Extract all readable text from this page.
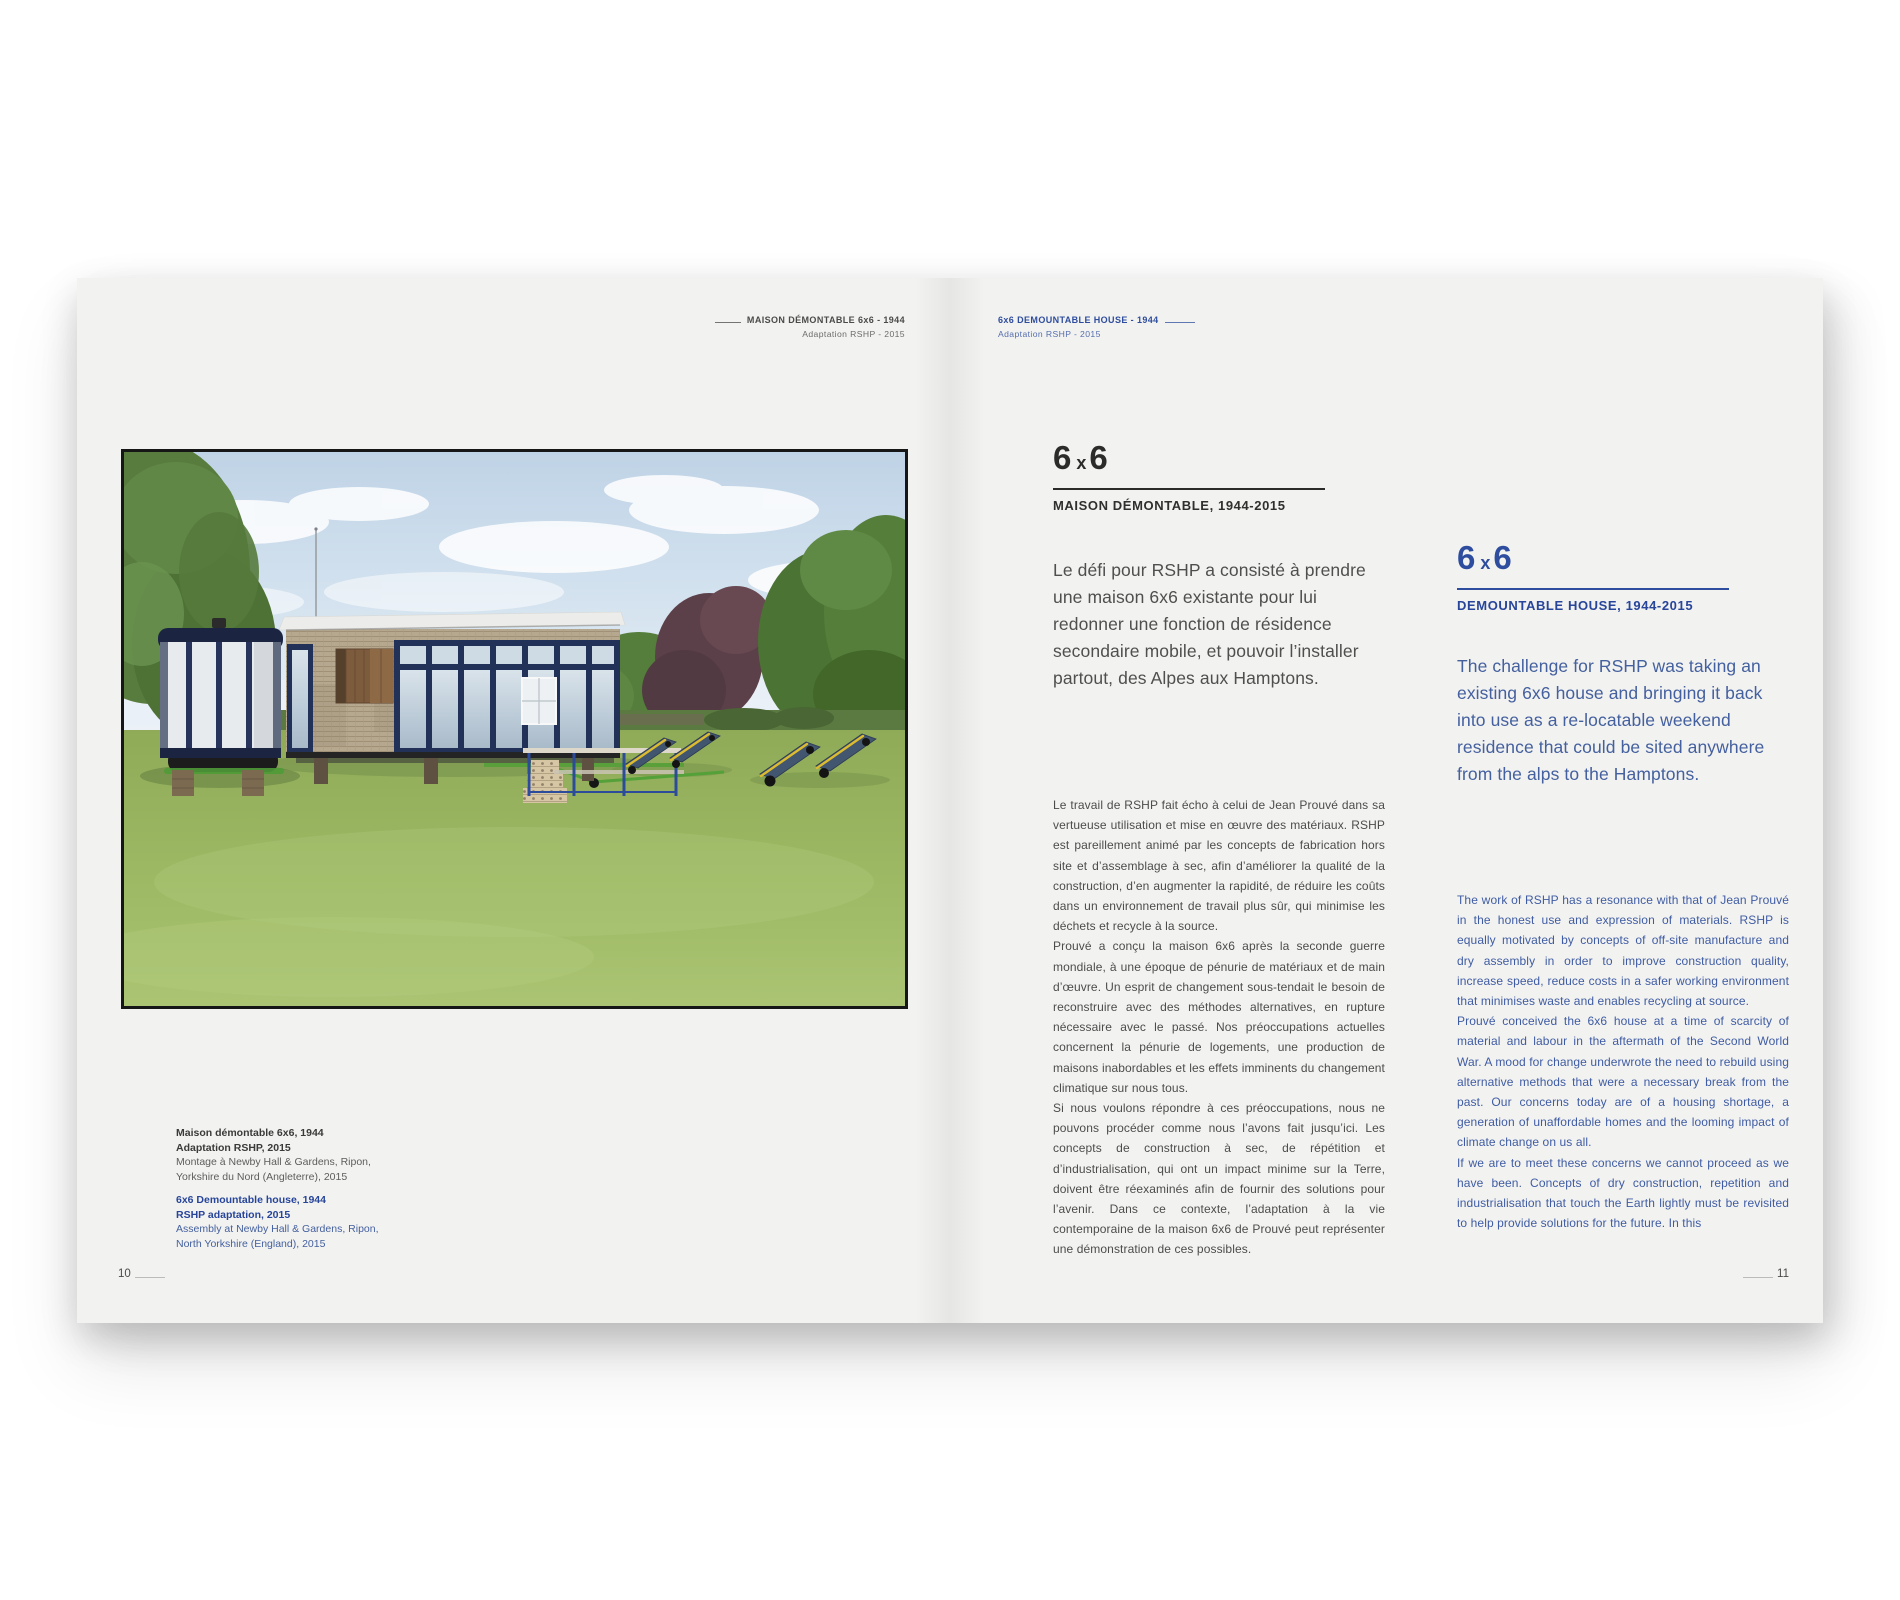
MAISON DÉMONTABLE 6x6 - 1944
Adaptation RSHP - 2015
6x6 DEMOUNTABLE HOUSE - 1944
Adaptation RSHP - 2015
Maison démontable 6x6, 1944
Adaptation RSHP, 2015
Montage à Newby Hall & Gardens, Ripon,
Yorkshire du Nord (Angleterre), 2015
6x6 Demountable house, 1944
RSHP adaptation, 2015
Assembly at Newby Hall & Gardens, Ripon,
North Yorkshire (England), 2015
10	11
6 x6
MAISON DÉMONTABLE, 1944-2015

Le défi pour RSHP a consisté à prendre une maison 6x6 existante pour lui redonner une fonction de résidence secondaire mobile, et pouvoir l’installer partout, des Alpes aux Hamptons.

Le travail de RSHP fait écho à celui de Jean Prouvé dans sa vertueuse utilisation et mise en œuvre des matériaux. RSHP est pareillement animé par les concepts de fabrication hors site et d’assemblage à sec, afin d’améliorer la qualité de la construction, d’en augmenter la rapidité, de réduire les coûts dans un environnement de travail plus sûr, qui minimise les déchets et recycle à la source.

Prouvé a conçu la maison 6x6 après la seconde guerre mondiale, à une époque de pénurie de matériaux et de main d’œuvre. Un esprit de changement sous-tendait le besoin de reconstruire avec des méthodes alternatives, en rupture nécessaire avec le passé. Nos préoccupations actuelles concernent la pénurie de logements, une production de maisons inabordables et les effets imminents du changement climatique sur nous tous.

Si nous voulons répondre à ces préoccupations, nous ne pouvons procéder comme nous l’avons fait jusqu’ici. Les concepts de construction à sec, de répétition et d’industrialisation, qui ont un impact minime sur la Terre, doivent être réexaminés afin de fournir des solutions pour l’avenir. Dans ce contexte, l’adaptation à la vie contemporaine de la maison 6x6 de Prouvé peut représenter une démonstration de ces possibles.

6 x6
DEMOUNTABLE HOUSE, 1944-2015

The challenge for RSHP was taking an existing 6x6 house and bringing it back into use as a re-locatable weekend residence that could be sited anywhere from the alps to the Hamptons.

The work of RSHP has a resonance with that of Jean Prouvé in the honest use and expression of materials. RSHP is equally motivated by concepts of off-site manufacture and dry assembly in order to improve construction quality, increase speed, reduce costs in a safer working environment that minimises waste and enables recycling at source.

Prouvé conceived the 6x6 house at a time of scarcity of material and labour in the aftermath of the Second World War. A mood for change underwrote the need to rebuild using alternative methods that were a necessary break from the past. Our concerns today are of a housing shortage, a generation of unaffordable homes and the looming impact of climate change on us all.

If we are to meet these concerns we cannot proceed as we have been. Concepts of dry construction, repetition and industrialisation that touch the Earth lightly must be revisited to help provide solutions for the future. In this
